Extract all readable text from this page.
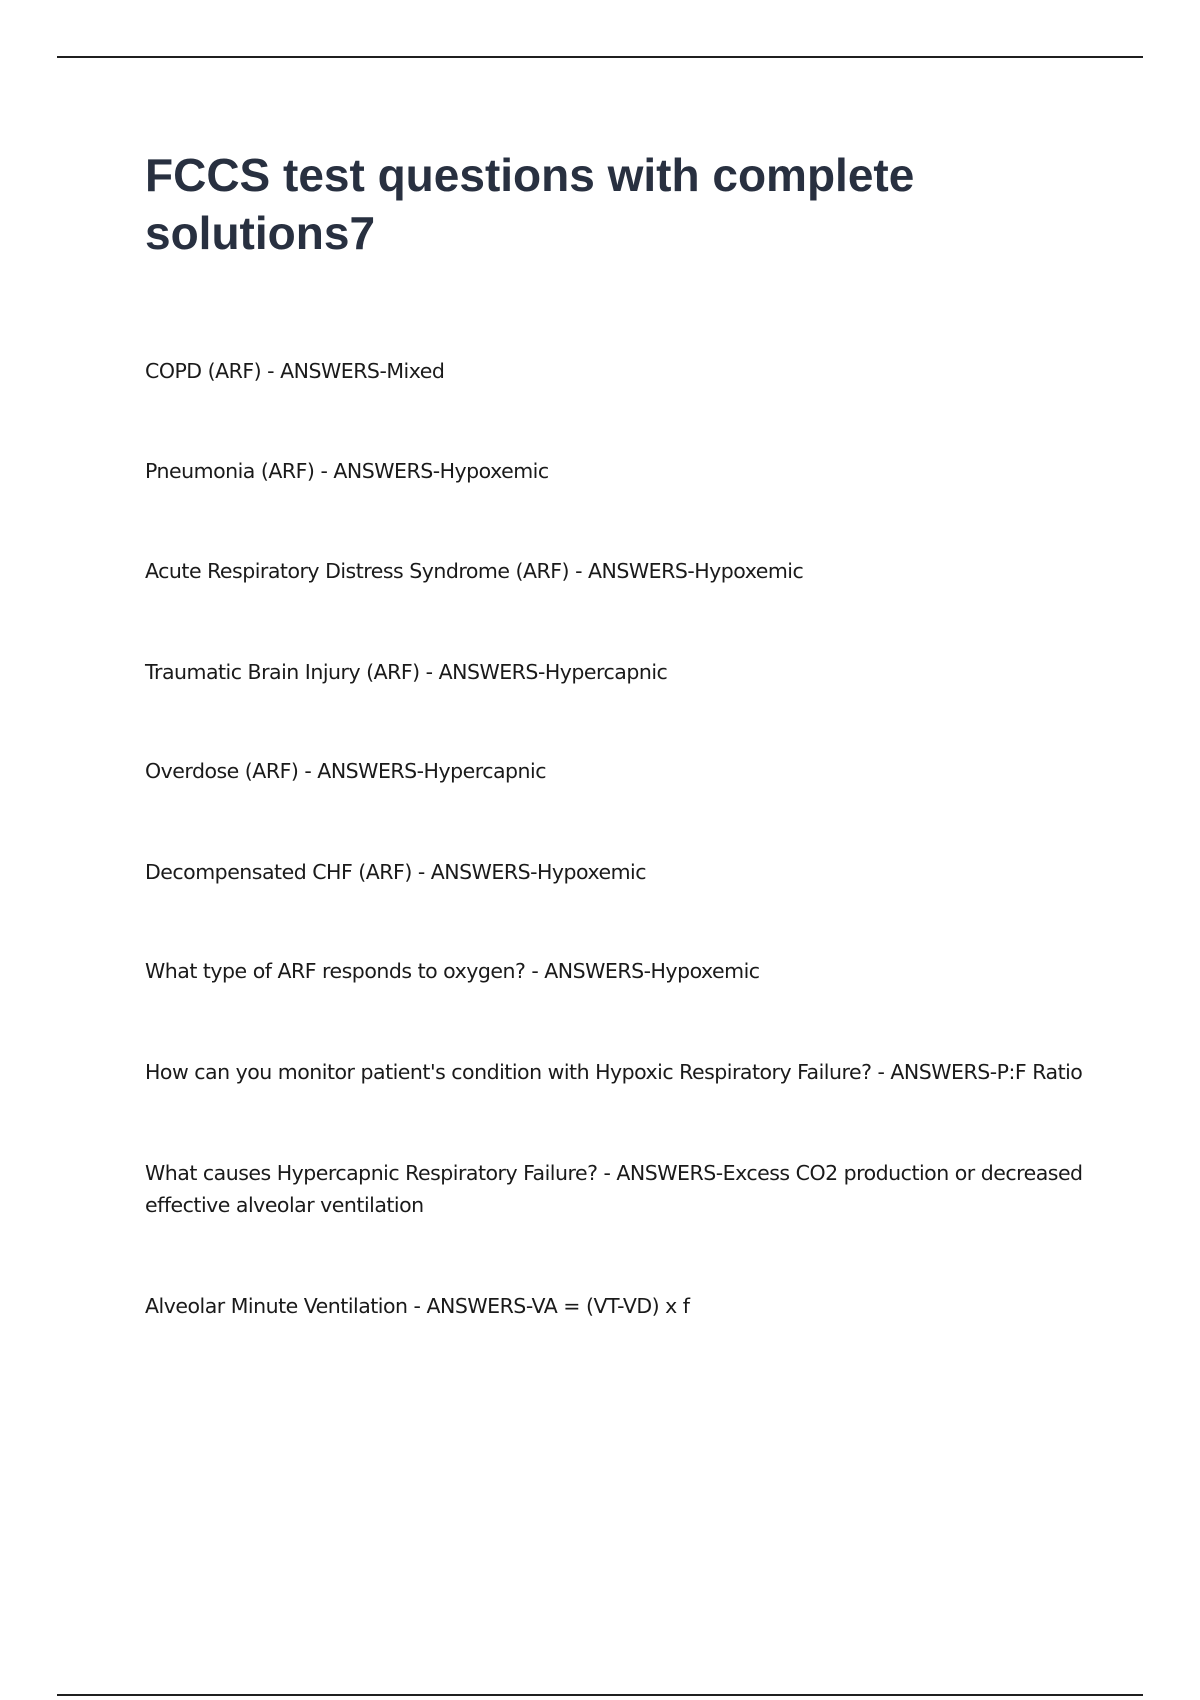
FCCS test questions with complete solutions7

COPD (ARF) - ANSWERS-Mixed

Pneumonia (ARF) - ANSWERS-Hypoxemic

Acute Respiratory Distress Syndrome (ARF) - ANSWERS-Hypoxemic

Traumatic Brain Injury (ARF) - ANSWERS-Hypercapnic

Overdose (ARF) - ANSWERS-Hypercapnic

Decompensated CHF (ARF) - ANSWERS-Hypoxemic

What type of ARF responds to oxygen? - ANSWERS-Hypoxemic

How can you monitor patient's condition with Hypoxic Respiratory Failure? - ANSWERS-P:F Ratio

What causes Hypercapnic Respiratory Failure? - ANSWERS-Excess CO2 production or decreased effective alveolar ventilation

Alveolar Minute Ventilation - ANSWERS-VA = (VT-VD) x f
